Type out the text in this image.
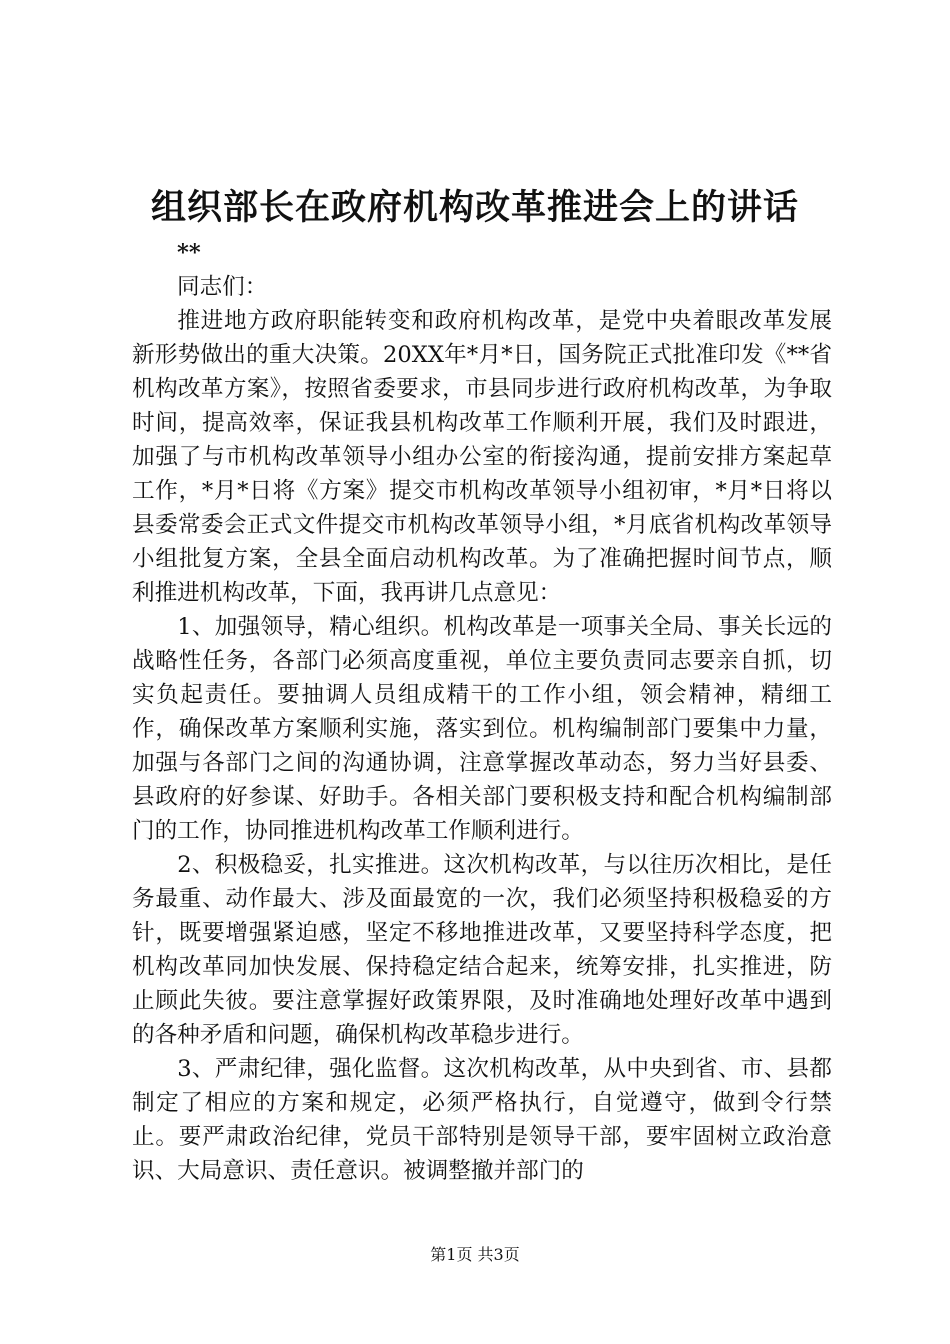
组织部长在政府机构改革推进会上的讲话

**

同志们：

推进地方政府职能转变和政府机构改革，是党中央着眼改革发展新形势做出的重大决策。20XX年*月*日，国务院正式批准印发《**省机构改革方案》，按照省委要求，市县同步进行政府机构改革，为争取时间，提高效率，保证我县机构改革工作顺利开展，我们及时跟进，加强了与市机构改革领导小组办公室的衔接沟通，提前安排方案起草工作，*月*日将《方案》提交市机构改革领导小组初审，*月*日将以县委常委会正式文件提交市机构改革领导小组，*月底省机构改革领导小组批复方案，全县全面启动机构改革。为了准确把握时间节点，顺利推进机构改革，下面，我再讲几点意见：

1、加强领导，精心组织。机构改革是一项事关全局、事关长远的战略性任务，各部门必须高度重视，单位主要负责同志要亲自抓，切实负起责任。要抽调人员组成精干的工作小组，领会精神，精细工作，确保改革方案顺利实施，落实到位。机构编制部门要集中力量，加强与各部门之间的沟通协调，注意掌握改革动态，努力当好县委、县政府的好参谋、好助手。各相关部门要积极支持和配合机构编制部门的工作，协同推进机构改革工作顺利进行。

2、积极稳妥，扎实推进。这次机构改革，与以往历次相比，是任务最重、动作最大、涉及面最宽的一次，我们必须坚持积极稳妥的方针，既要增强紧迫感，坚定不移地推进改革，又要坚持科学态度，把机构改革同加快发展、保持稳定结合起来，统筹安排，扎实推进，防止顾此失彼。要注意掌握好政策界限，及时准确地处理好改革中遇到的各种矛盾和问题，确保机构改革稳步进行。

3、严肃纪律，强化监督。这次机构改革，从中央到省、市、县都制定了相应的方案和规定，必须严格执行，自觉遵守，做到令行禁止。要严肃政治纪律，党员干部特别是领导干部，要牢固树立政治意识、大局意识、责任意识。被调整撤并部门的

第1页 共3页
